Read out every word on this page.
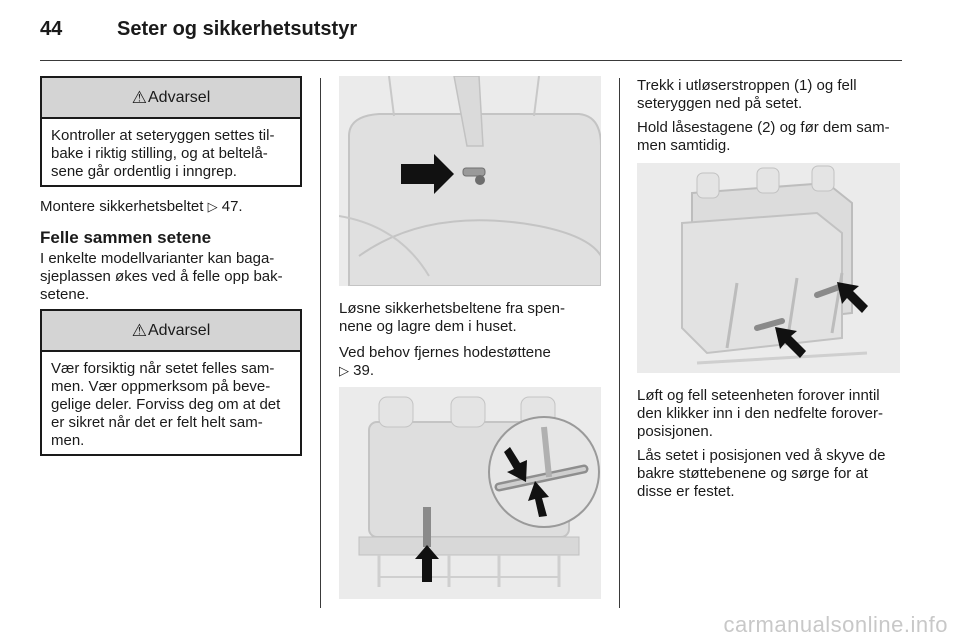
44	Seter og sikkerhetsutstyr
⚠ Advarsel
Kontroller at seteryggen settes til-
bake i riktig stilling, og at beltelå-
sene går ordentlig i inngrep.

Montere sikkerhetsbeltet ▷ 47.

Felle sammen setene

I enkelte modellvarianter kan baga-
sjeplassen økes ved å felle opp bak-
setene.

⚠ Advarsel
Vær forsiktig når setet felles sam-
men. Vær oppmerksom på beve-
gelige deler. Forviss deg om at det
er sikret når det er felt helt sam-
men.

Løsne sikkerhetsbeltene fra spen-
nene og lagre dem i huset.

Ved behov fjernes hodestøttene
▷ 39.

Trekk i utløserstroppen (1) og fell
seteryggen ned på setet.

Hold låsestagene (2) og før dem sam-
men samtidig.

Løft og fell seteenheten forover inntil
den klikker inn i den nedfelte forover-
posisjonen.

Lås setet i posisjonen ved å skyve de
bakre støttebenene og sørge for at
disse er festet.

carmanualsonline.info
